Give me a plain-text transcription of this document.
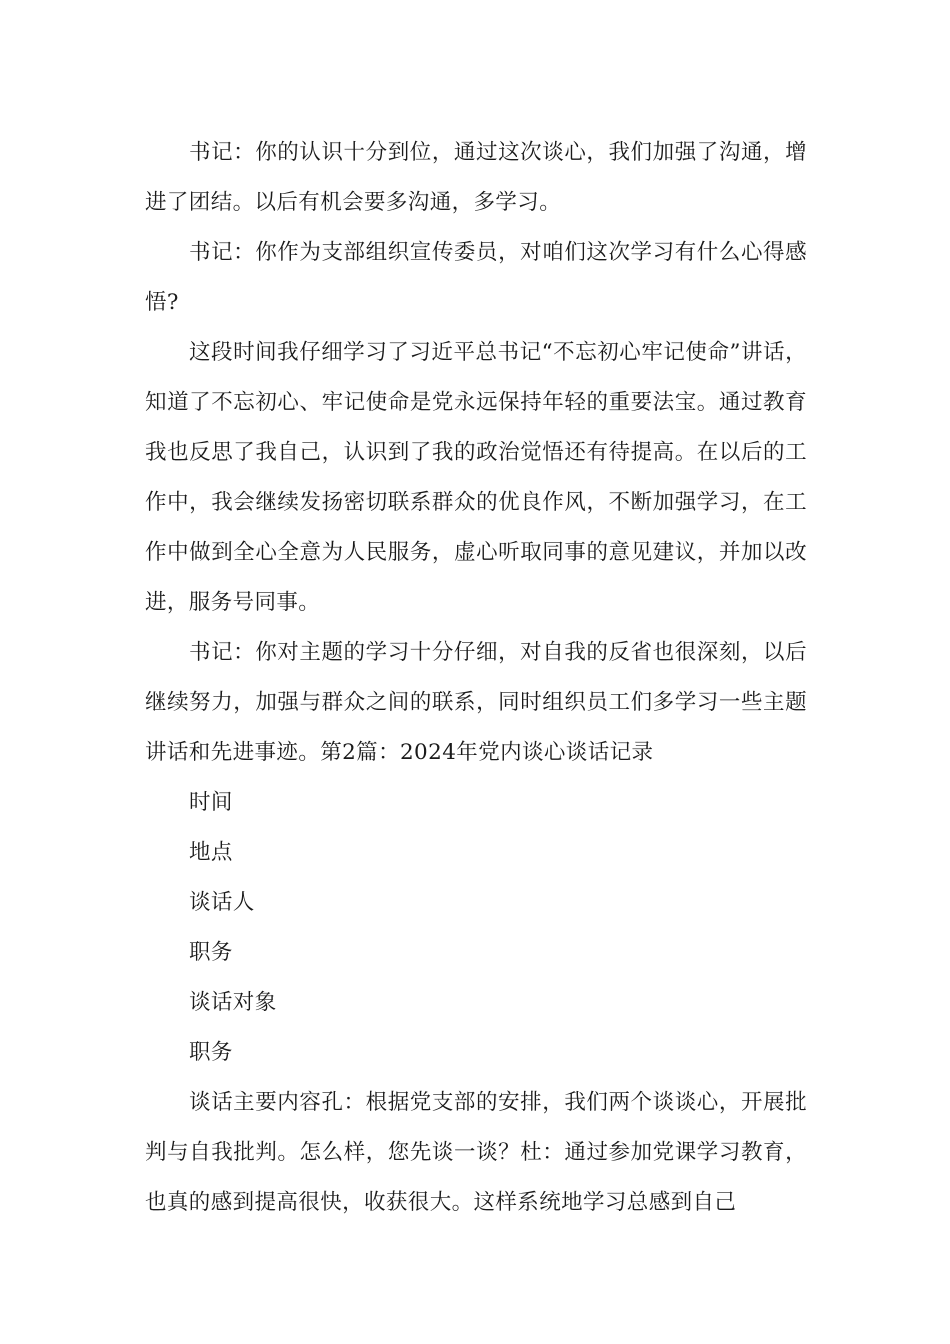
书记：你的认识十分到位，通过这次谈心，我们加强了沟通，增进了团结。以后有机会要多沟通，多学习。

书记：你作为支部组织宣传委员，对咱们这次学习有什么心得感悟?

这段时间我仔细学习了习近平总书记“不忘初心牢记使命”讲话，知道了不忘初心、牢记使命是党永远保持年轻的重要法宝。通过教育我也反思了我自己，认识到了我的政治觉悟还有待提高。在以后的工作中，我会继续发扬密切联系群众的优良作风，不断加强学习，在工作中做到全心全意为人民服务，虚心听取同事的意见建议，并加以改进，服务号同事。

书记：你对主题的学习十分仔细，对自我的反省也很深刻，以后继续努力，加强与群众之间的联系，同时组织员工们多学习一些主题讲话和先进事迹。第2篇：2024年党内谈心谈话记录

时间

地点

谈话人

职务

谈话对象

职务

谈话主要内容孔：根据党支部的安排，我们两个谈谈心，开展批判与自我批判。怎么样，您先谈一谈？杜：通过参加党课学习教育，也真的感到提高很快，收获很大。这样系统地学习总感到自己
